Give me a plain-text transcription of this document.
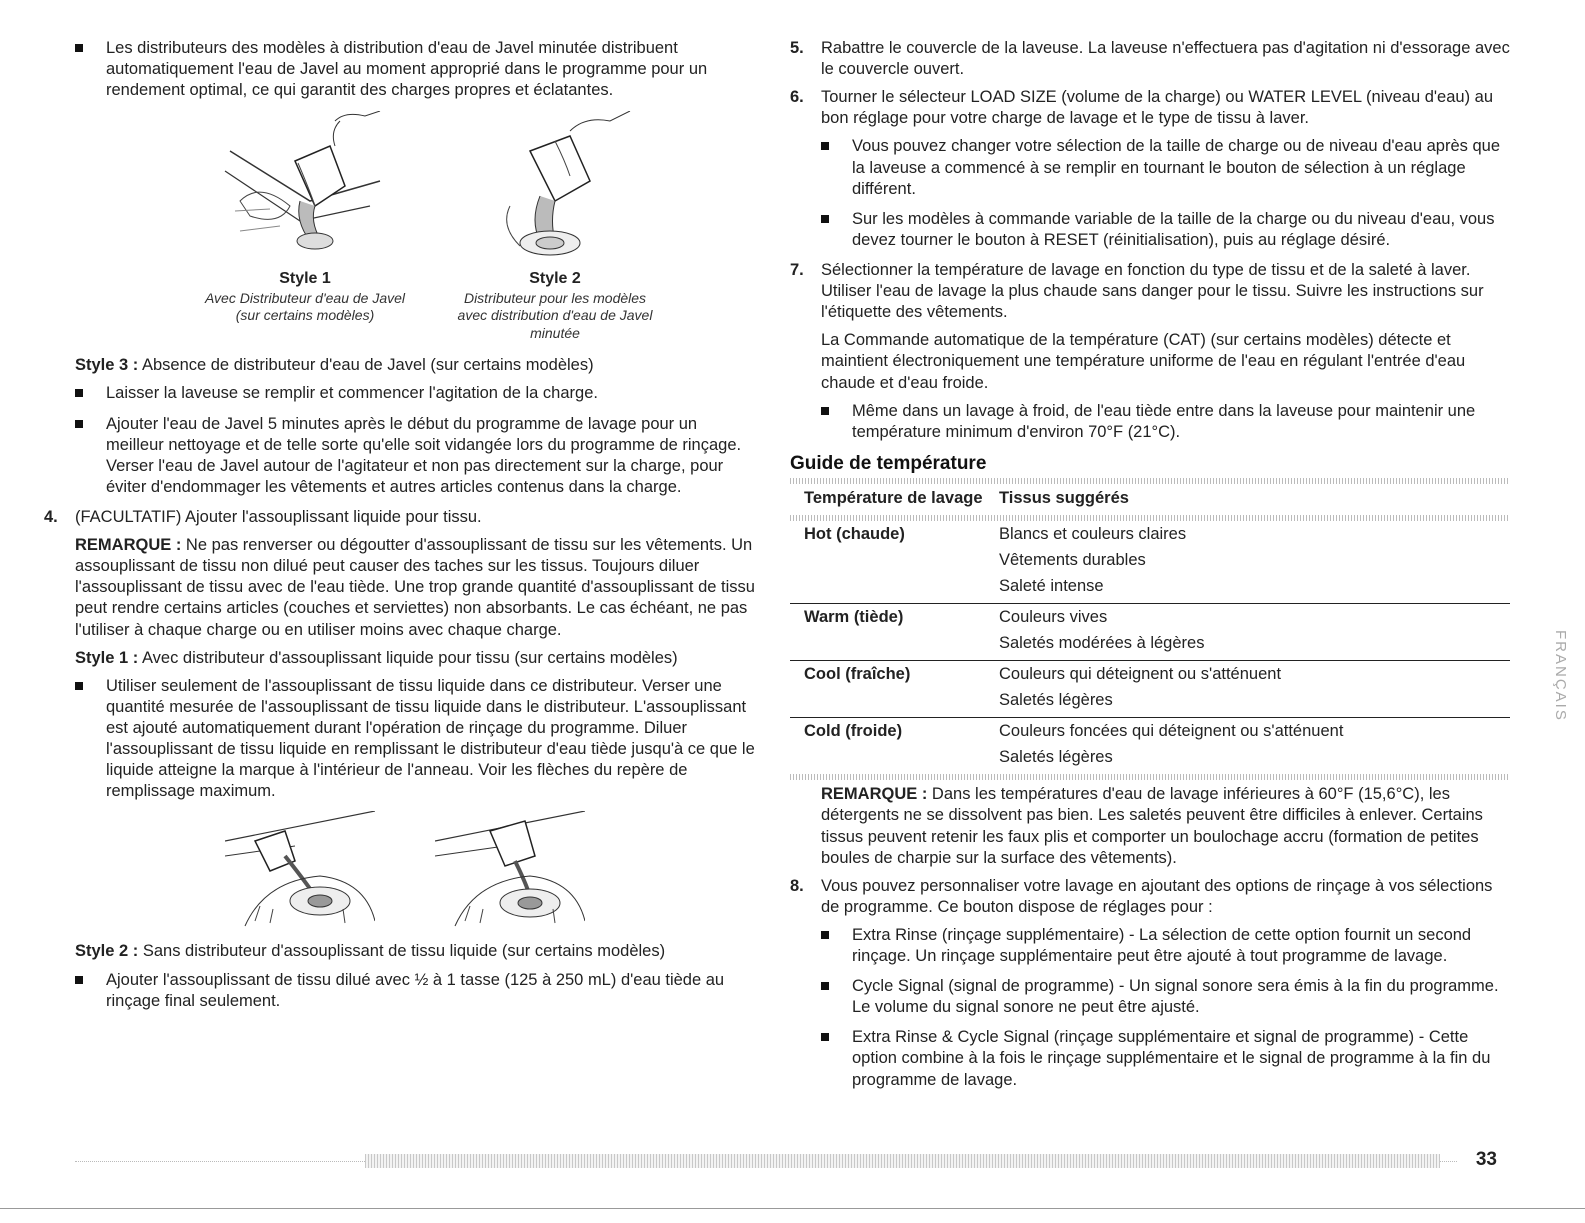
Les distributeurs des modèles à distribution d'eau de Javel minutée distribuent automatiquement l'eau de Javel au moment approprié dans le programme pour un rendement optimal, ce qui garantit des charges propres et éclatantes.

Style 1
Avec Distributeur d'eau de Javel (sur certains modèles)
Style 2
Distributeur pour les modèles avec distribution d'eau de Javel minutée

Style 3 : Absence de distributeur d'eau de Javel (sur certains modèles)

Laisser la laveuse se remplir et commencer l'agitation de la charge.

Ajouter l'eau de Javel 5 minutes après le début du programme de lavage pour un meilleur nettoyage et de telle sorte qu'elle soit vidangée lors du programme de rinçage. Verser l'eau de Javel autour de l'agitateur et non pas directement sur la charge, pour éviter d'endommager les vêtements et autres articles contenus dans la charge.

4. (FACULTATIF) Ajouter l'assouplissant liquide pour tissu.

REMARQUE : Ne pas renverser ou dégoutter d'assouplissant de tissu sur les vêtements. Un assouplissant de tissu non dilué peut causer des taches sur les tissus. Toujours diluer l'assouplissant de tissu avec de l'eau tiède. Une trop grande quantité d'assouplissant de tissu peut rendre certains articles (couches et serviettes) non absorbants. Le cas échéant, ne pas l'utiliser à chaque charge ou en utiliser moins avec chaque charge.

Style 1 : Avec distributeur d'assouplissant liquide pour tissu (sur certains modèles)

Utiliser seulement de l'assouplissant de tissu liquide dans ce distributeur. Verser une quantité mesurée de l'assouplissant de tissu liquide dans le distributeur. L'assouplissant est ajouté automatiquement durant l'opération de rinçage du programme. Diluer l'assouplissant de tissu liquide en remplissant le distributeur d'eau tiède jusqu'à ce que le liquide atteigne la marque à l'intérieur de l'anneau. Voir les flèches du repère de remplissage maximum.

Style 2 : Sans distributeur d'assouplissant de tissu liquide (sur certains modèles)

Ajouter l'assouplissant de tissu dilué avec ½ à 1 tasse (125 à 250 mL) d'eau tiède au rinçage final seulement.

5. Rabattre le couvercle de la laveuse. La laveuse n'effectuera pas d'agitation ni d'essorage avec le couvercle ouvert.
6. Tourner le sélecteur LOAD SIZE (volume de la charge) ou WATER LEVEL (niveau d'eau) au bon réglage pour votre charge de lavage et le type de tissu à laver.

Vous pouvez changer votre sélection de la taille de charge ou de niveau d'eau après que la laveuse a commencé à se remplir en tournant le bouton de sélection à un réglage différent.

Sur les modèles à commande variable de la taille de la charge ou du niveau d'eau, vous devez tourner le bouton à RESET (réinitialisation), puis au réglage désiré.

7. Sélectionner la température de lavage en fonction du type de tissu et de la saleté à laver. Utiliser l'eau de lavage la plus chaude sans danger pour le tissu. Suivre les instructions sur l'étiquette des vêtements.

La Commande automatique de la température (CAT) (sur certains modèles) détecte et maintient électroniquement une température uniforme de l'eau en régulant l'entrée d'eau chaude et d'eau froide.

Même dans un lavage à froid, de l'eau tiède entre dans la laveuse pour maintenir une température minimum d'environ 70°F (21°C).

Guide de température
Température de lavage	Tissus suggérés

Hot (chaude)	Blancs et couleurs claires
Vêtements durables
Saleté intense

Warm (tiède)	Couleurs vives
Saletés modérées à légères

Cool (fraîche)	Couleurs qui déteignent ou s'atténuent
Saletés légères

Cold (froide)	Couleurs foncées qui déteignent ou s'atténuent
Saletés légères

REMARQUE : Dans les températures d'eau de lavage inférieures à 60°F (15,6°C), les détergents ne se dissolvent pas bien. Les saletés peuvent être difficiles à enlever. Certains tissus peuvent retenir les faux plis et comporter un boulochage accru (formation de petites boules de charpie sur la surface des vêtements).

8. Vous pouvez personnaliser votre lavage en ajoutant des options de rinçage à vos sélections de programme. Ce bouton dispose de réglages pour :

Extra Rinse (rinçage supplémentaire) - La sélection de cette option fournit un second rinçage. Un rinçage supplémentaire peut être ajouté à tout programme de lavage.

Cycle Signal (signal de programme) - Un signal sonore sera émis à la fin du programme. Le volume du signal sonore ne peut être ajusté.

Extra Rinse & Cycle Signal (rinçage supplémentaire et signal de programme) - Cette option combine à la fois le rinçage supplémentaire et le signal de programme à la fin du programme de lavage.

FRANÇAIS
33
